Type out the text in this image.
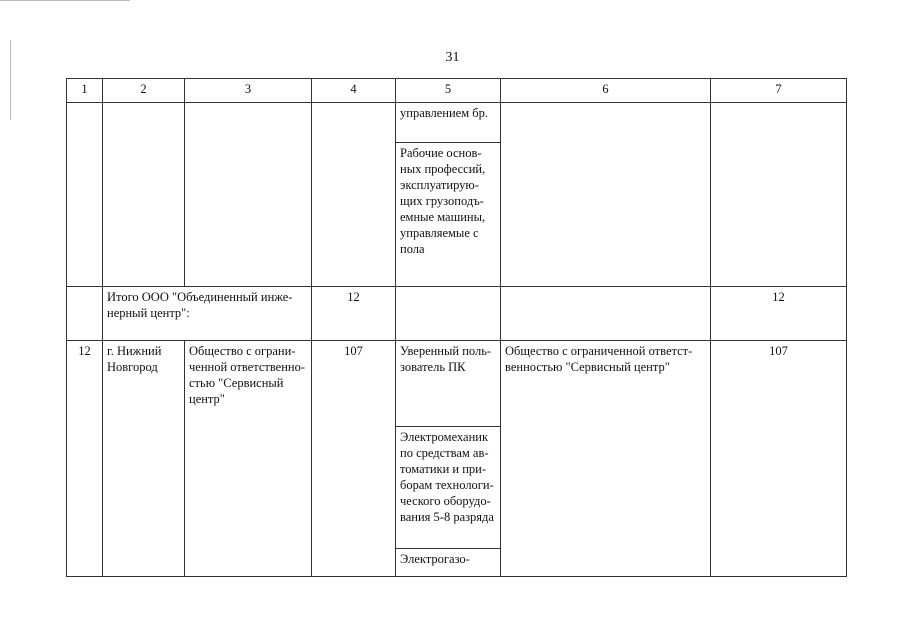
31
1	2	3	4	5	6	7
				управлением бр.		
				Рабочие основ-ных профессий, эксплуатирую-щих грузоподъ-емные машины, управляемые с пола		
	Итого ООО "Объединенный инже-нерный центр":		12			12
12	г. Нижний Новгород	Общество с ограни-ченной ответственно-стью "Сервисный центр"	107	Уверенный поль-зователь ПК	Общество с ограниченной ответст-венностью "Сервисный центр"	107
				Электромеханик по средствам ав-томатики и при-борам технологи-ческого оборудо-вания 5-8 разряда		
				Электрогазо-		
